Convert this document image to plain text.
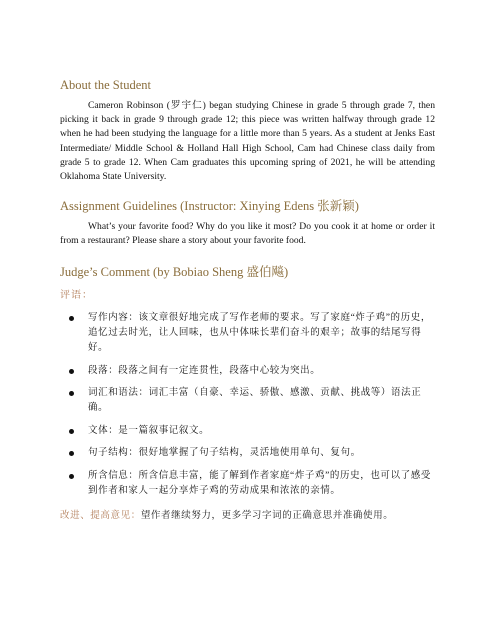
About the Student

Cameron Robinson (罗宇仁) began studying Chinese in grade 5 through grade 7, then picking it back in grade 9 through grade 12; this piece was written halfway through grade 12 when he had been studying the language for a little more than 5 years. As a student at Jenks East Intermediate/ Middle School & Holland Hall High School, Cam had Chinese class daily from grade 5 to grade 12. When Cam graduates this upcoming spring of 2021, he will be attending Oklahoma State University.

Assignment Guidelines (Instructor: Xinying Edens 张新颖)

What’s your favorite food? Why do you like it most? Do you cook it at home or order it from a restaurant? Please share a story about your favorite food.

Judge’s Comment (by Bobiao Sheng 盛伯飚)

评语：

写作内容：该文章很好地完成了写作老师的要求。写了家庭“炸子鸡”的历史，追忆过去时光，让人回味，也从中体味长辈们奋斗的艰辛；故事的结尾写得好。
段落：段落之间有一定连贯性，段落中心较为突出。
词汇和语法：词汇丰富（自豪、幸运、骄傲、感激、贡献、挑战等）语法正确。
文体：是一篇叙事记叙文。
句子结构：很好地掌握了句子结构，灵活地使用单句、复句。
所含信息：所含信息丰富，能了解到作者家庭“炸子鸡”的历史，也可以了感受到作者和家人一起分享炸子鸡的劳动成果和浓浓的亲情。

改进、提高意见：望作者继续努力，更多学习字词的正确意思并准确使用。
